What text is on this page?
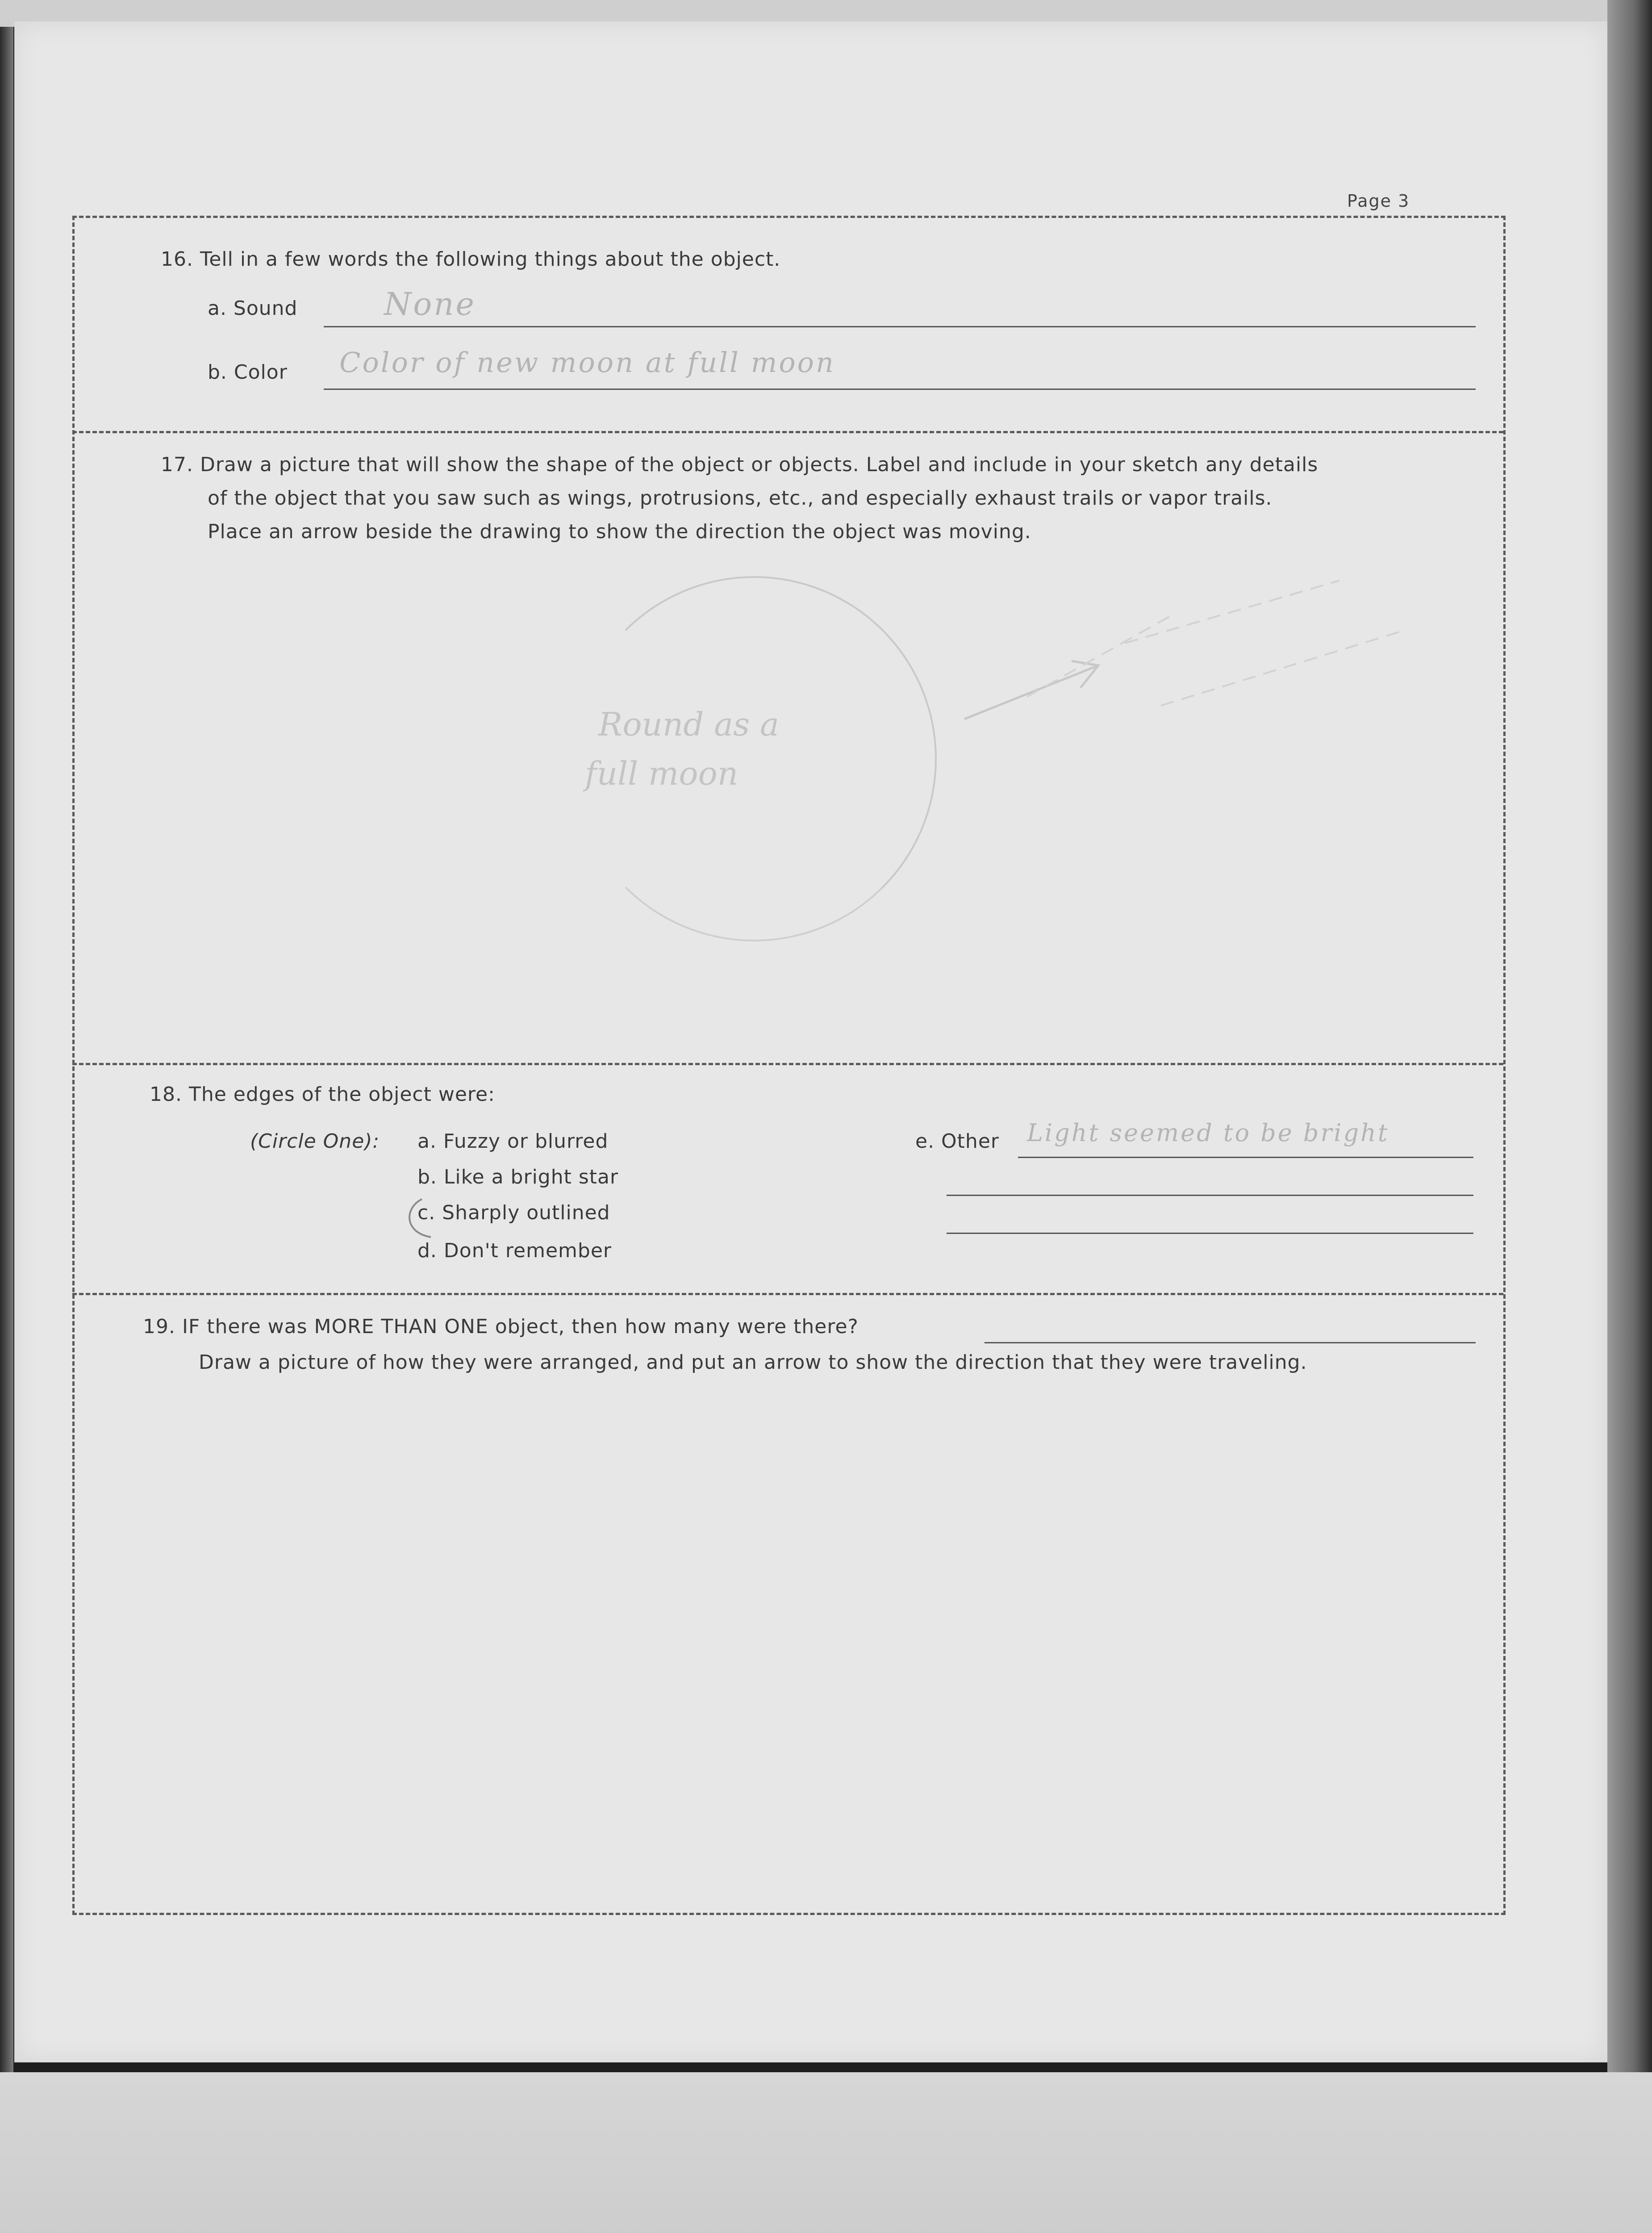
Page 3
16. Tell in a few words the following things about the object.
a. Sound	None
b. Color Color of new moon at full moon
17. Draw a picture that will show the shape of the object or objects. Label and include in your sketch any details
of the object that you saw such as wings, protrusions, etc., and especially exhaust trails or vapor trails.
Place an arrow beside the drawing to show the direction the object was moving.
Round as a
full moon
18. The edges of the object were:
(Circle One): a. Fuzzy or blurred
b. Like a bright star
c. Sharply outlined
d. Don't remember
e. Other Light seemed to be bright
19. IF there was MORE THAN ONE object, then how many were there?
Draw a picture of how they were arranged, and put an arrow to show the direction that they were traveling.
